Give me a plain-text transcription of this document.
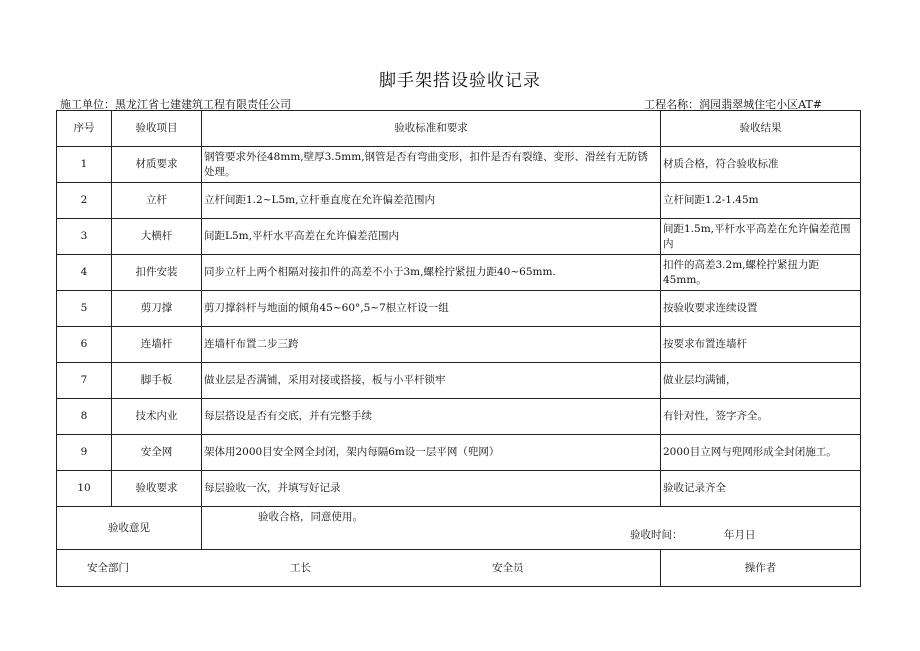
脚手架搭设验收记录
施工单位：黑龙江省七建建筑工程有限责任公司	工程名称：润园翡翠城住宅小区AT#
序号	验收项目	验收标准和要求	验收结果
1	材质要求	钢管要求外径48mm,壁厚3.5mm,钢管是否有弯曲变形，扣件是否有裂缝、变形、滑丝有无防锈处理。	材质合格，符合验收标准
2	立杆	立杆间距1.2~L5m,立杆垂直度在允许偏差范围内	立杆间距1.2-1.45m
3	大横杆	间距L5m,平杆水平高差在允许偏差范围内	间距1.5m,平杆水平高差在允许偏差范围内
4	扣件安装	同步立杆上两个相隔对接扣件的高差不小于3m,螺栓拧紧扭力距40~65mm.	扣件的高差3.2m,螺栓拧紧扭力距45mm。
5	剪刀撑	剪刀撑斜杆与地面的倾角45~60°,5~7根立杆设一组	按验收要求连续设置
6	连墙杆	连墙杆布置二步三跨	按要求布置连墙杆
7	脚手板	做业层是否满铺，采用对接或搭接，板与小平杆锁牢	做业层均满铺，
8	技术内业	每层搭设是否有交底，并有完整手续	有针对性，签字齐全。
9	安全网	架体用2000目安全网全封闭，架内每隔6m设一层平网（兜网）	2000目立网与兜网形成全封闭施工。
10	验收要求	每层验收一次，并填写好记录	验收记录齐全
验收意见		验收合格，同意使用。
验收时间： 年月日	

安全部门 工长 安全员			操作者
